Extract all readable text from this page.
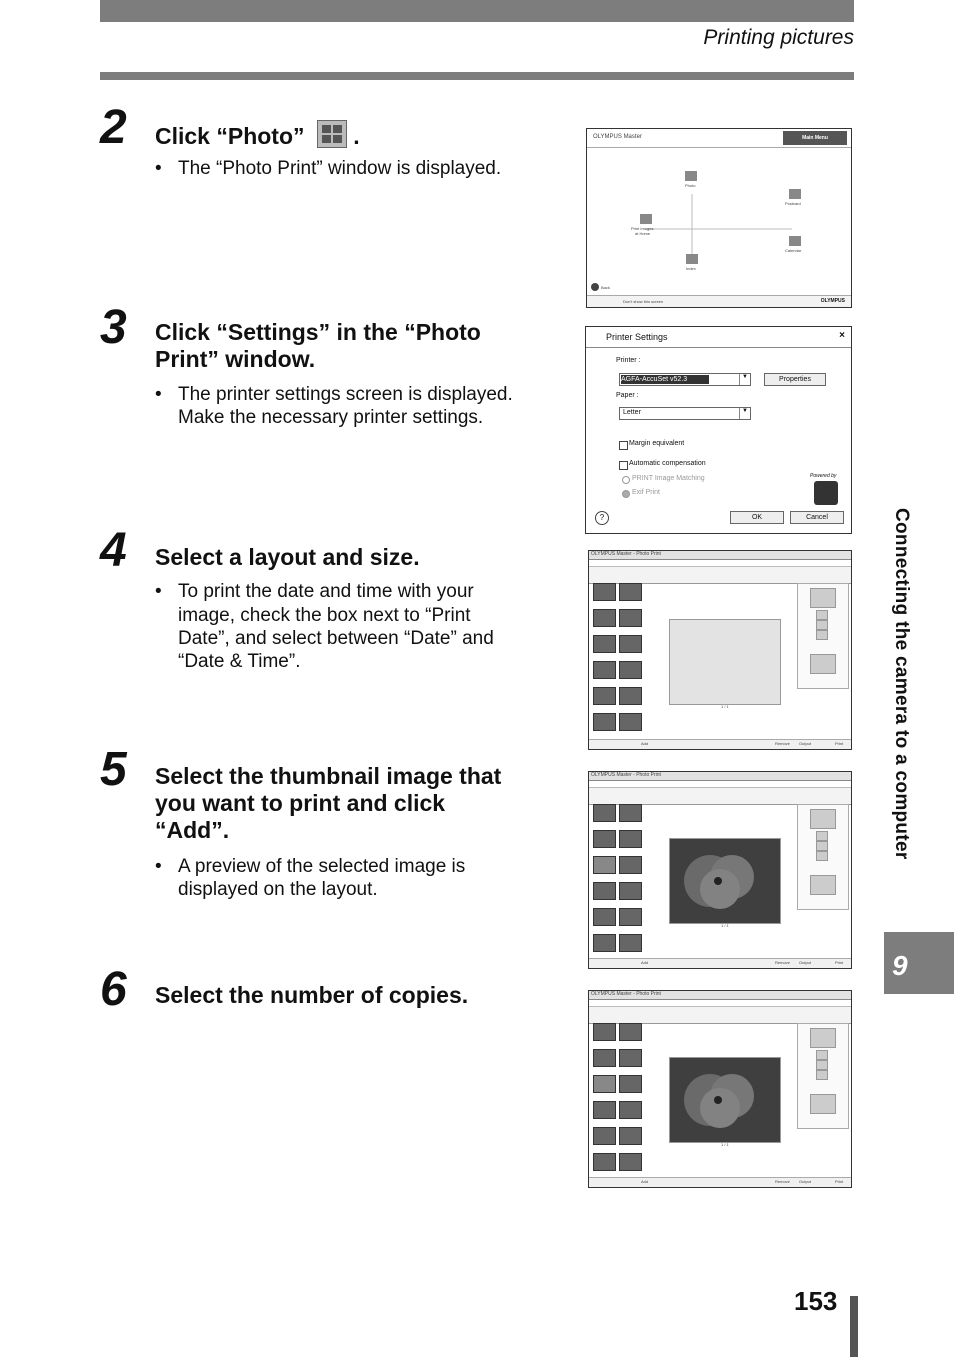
Printing pictures
2 Click “Photo” .
• The “Photo Print” window is displayed.
OLYMPUS Master	Main Menu
Photo
Postcard
Print Images
at Home
Calendar
Index
Back
Don't show this screen	OLYMPUS
3 Click “Settings” in the “Photo
Print” window.
• The printer settings screen is displayed.
Make the necessary printer settings.
Printer Settings	×
Printer :
AGFA-AccuSet v52.3	▼	Properties
Paper :
Letter	▼
Margin equivalent
Automatic compensation
PRINT Image Matching
Exif Print
Powered by
?	OK	Cancel
4 Select a layout and size.
• To print the date and time with your
image, check the box next to “Print
Date”, and select between “Date” and
“Date & Time”.
OLYMPUS Master - Photo Print
1 / 1
Add	Remove Output	Print
5 Select the thumbnail image that
you want to print and click
“Add”.
• A preview of the selected image is
displayed on the layout.
OLYMPUS Master - Photo Print
1 / 1
Add	Remove Output	Print
6 Select the number of copies.	OLYMPUS Master - Photo Print
1 / 1
Add	Remove Output	Print
Connecting the camera to a computer
9
153
